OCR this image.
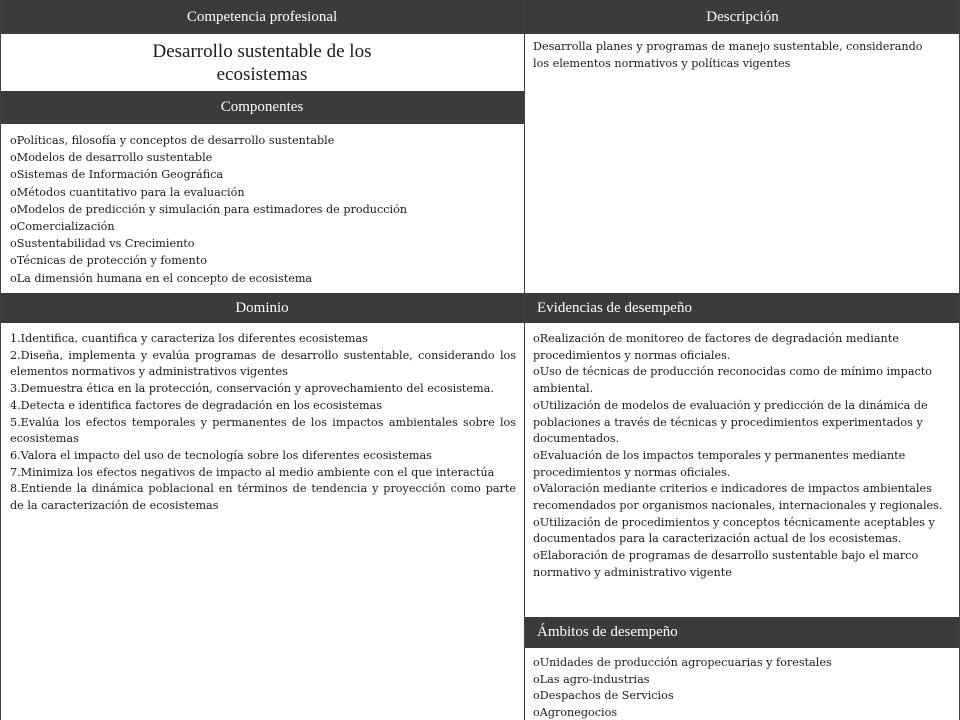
Competencia profesional	Descripción
Componentes
Dominio	Evidencias de desempeño
Ámbitos de desempeño
Desarrollo sustentable de los
ecosistemas
Desarrolla planes y programas de manejo sustentable, considerando
los elementos normativos y políticas vigentes
oPolíticas, filosofía y conceptos de desarrollo sustentable
oModelos de desarrollo sustentable
oSistemas de Información Geográfica
oMétodos cuantitativo para la evaluación
oModelos de predicción y simulación para estimadores de producción
oComercialización
oSustentabilidad vs Crecimiento
oTécnicas de protección y fomento
oLa dimensión humana en el concepto de ecosistema
1.Identifica, cuantifica y caracteriza los diferentes ecosistemas
2.Diseña, implementa y evalúa programas de desarrollo sustentable, considerando los elementos normativos y administrativos vigentes
3.Demuestra ética en la protección, conservación y aprovechamiento del ecosistema.
4.Detecta e identifica factores de degradación en los ecosistemas
5.Evalúa los efectos temporales y permanentes de los impactos ambientales sobre los ecosistemas
6.Valora el impacto del uso de tecnología sobre los diferentes ecosistemas
7.Minimiza los efectos negativos de impacto al medio ambiente con el que interactúa
8.Entiende la dinámica poblacional en términos de tendencia y proyección como parte de la caracterización de ecosistemas
oRealización de monitoreo de factores de degradación mediante procedimientos y normas oficiales.
oUso de técnicas de producción reconocidas como de mínimo impacto ambiental.
oUtilización de modelos de evaluación y predicción de la dinámica de poblaciones a través de técnicas y procedimientos experimentados y documentados.
oEvaluación de los impactos temporales y permanentes mediante procedimientos y normas oficiales.
oValoración mediante criterios e indicadores de impactos ambientales recomendados por organismos nacionales, internacionales y regionales.
oUtilización de procedimientos y conceptos técnicamente aceptables y documentados para la caracterización actual de los ecosistemas.
oElaboración de programas de desarrollo sustentable bajo el marco normativo y administrativo vigente
oUnidades de producción agropecuarias y forestales
oLas agro-industrias
oDespachos de Servicios
oAgronegocios
